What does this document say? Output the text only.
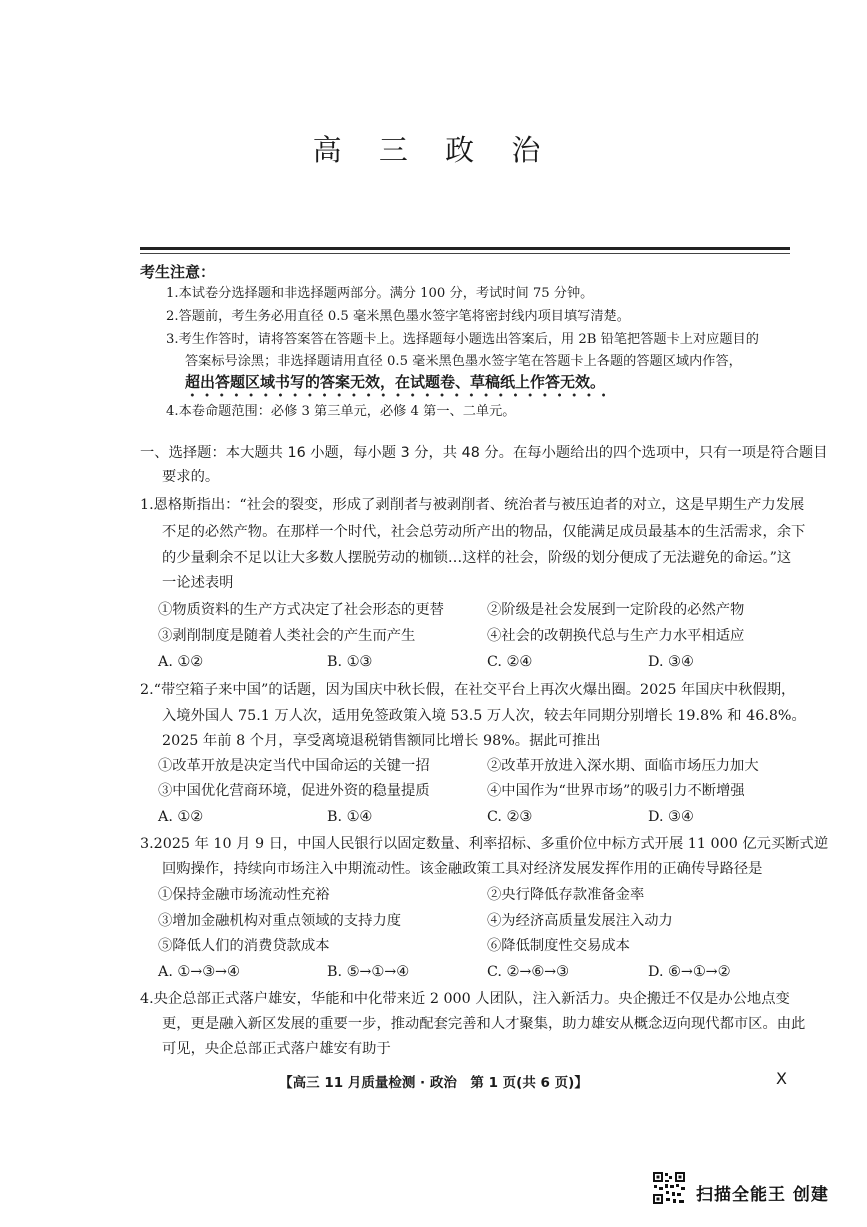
高 三 政 治
考生注意：
1.本试卷分选择题和非选择题两部分。满分 100 分，考试时间 75 分钟。
2.答题前，考生务必用直径 0.5 毫米黑色墨水签字笔将密封线内项目填写清楚。
3.考生作答时，请将答案答在答题卡上。选择题每小题选出答案后，用 2B 铅笔把答题卡上对应题目的
答案标号涂黑；非选择题请用直径 0.5 毫米黑色墨水签字笔在答题卡上各题的答题区域内作答，
超出答题区域书写的答案无效，在试题卷、草稿纸上作答无效。
4.本卷命题范围：必修 3 第三单元，必修 4 第一、二单元。
一、选择题：本大题共 16 小题，每小题 3 分，共 48 分。在每小题给出的四个选项中，只有一项是符合题目
要求的。
1.恩格斯指出：“社会的裂变，形成了剥削者与被剥削者、统治者与被压迫者的对立，这是早期生产力发展
不足的必然产物。在那样一个时代，社会总劳动所产出的物品，仅能满足成员最基本的生活需求，余下
的少量剩余不足以让大多数人摆脱劳动的枷锁…这样的社会，阶级的划分便成了无法避免的命运。”这
一论述表明
①物质资料的生产方式决定了社会形态的更替	②阶级是社会发展到一定阶段的必然产物
③剥削制度是随着人类社会的产生而产生	④社会的改朝换代总与生产力水平相适应
A. ①②	B. ①③	C. ②④	D. ③④
2.“带空箱子来中国”的话题，因为国庆中秋长假，在社交平台上再次火爆出圈。2025 年国庆中秋假期，
入境外国人 75.1 万人次，适用免签政策入境 53.5 万人次，较去年同期分别增长 19.8% 和 46.8%。
2025 年前 8 个月，享受离境退税销售额同比增长 98%。据此可推出
①改革开放是决定当代中国命运的关键一招	②改革开放进入深水期、面临市场压力加大
③中国优化营商环境，促进外资的稳量提质	④中国作为“世界市场”的吸引力不断增强
A. ①②	B. ①④	C. ②③	D. ③④
3.2025 年 10 月 9 日，中国人民银行以固定数量、利率招标、多重价位中标方式开展 11 000 亿元买断式逆
回购操作，持续向市场注入中期流动性。该金融政策工具对经济发展发挥作用的正确传导路径是
①保持金融市场流动性充裕	②央行降低存款准备金率
③增加金融机构对重点领域的支持力度	④为经济高质量发展注入动力
⑤降低人们的消费贷款成本	⑥降低制度性交易成本
A. ①→③→④	B. ⑤→①→④	C. ②→⑥→③	D. ⑥→①→②
4.央企总部正式落户雄安，华能和中化带来近 2 000 人团队，注入新活力。央企搬迁不仅是办公地点变
更，更是融入新区发展的重要一步，推动配套完善和人才聚集，助力雄安从概念迈向现代都市区。由此
可见，央企总部正式落户雄安有助于
【高三 11 月质量检测 · 政治　第 1 页(共 6 页)】	X
扫描全能王 创建
